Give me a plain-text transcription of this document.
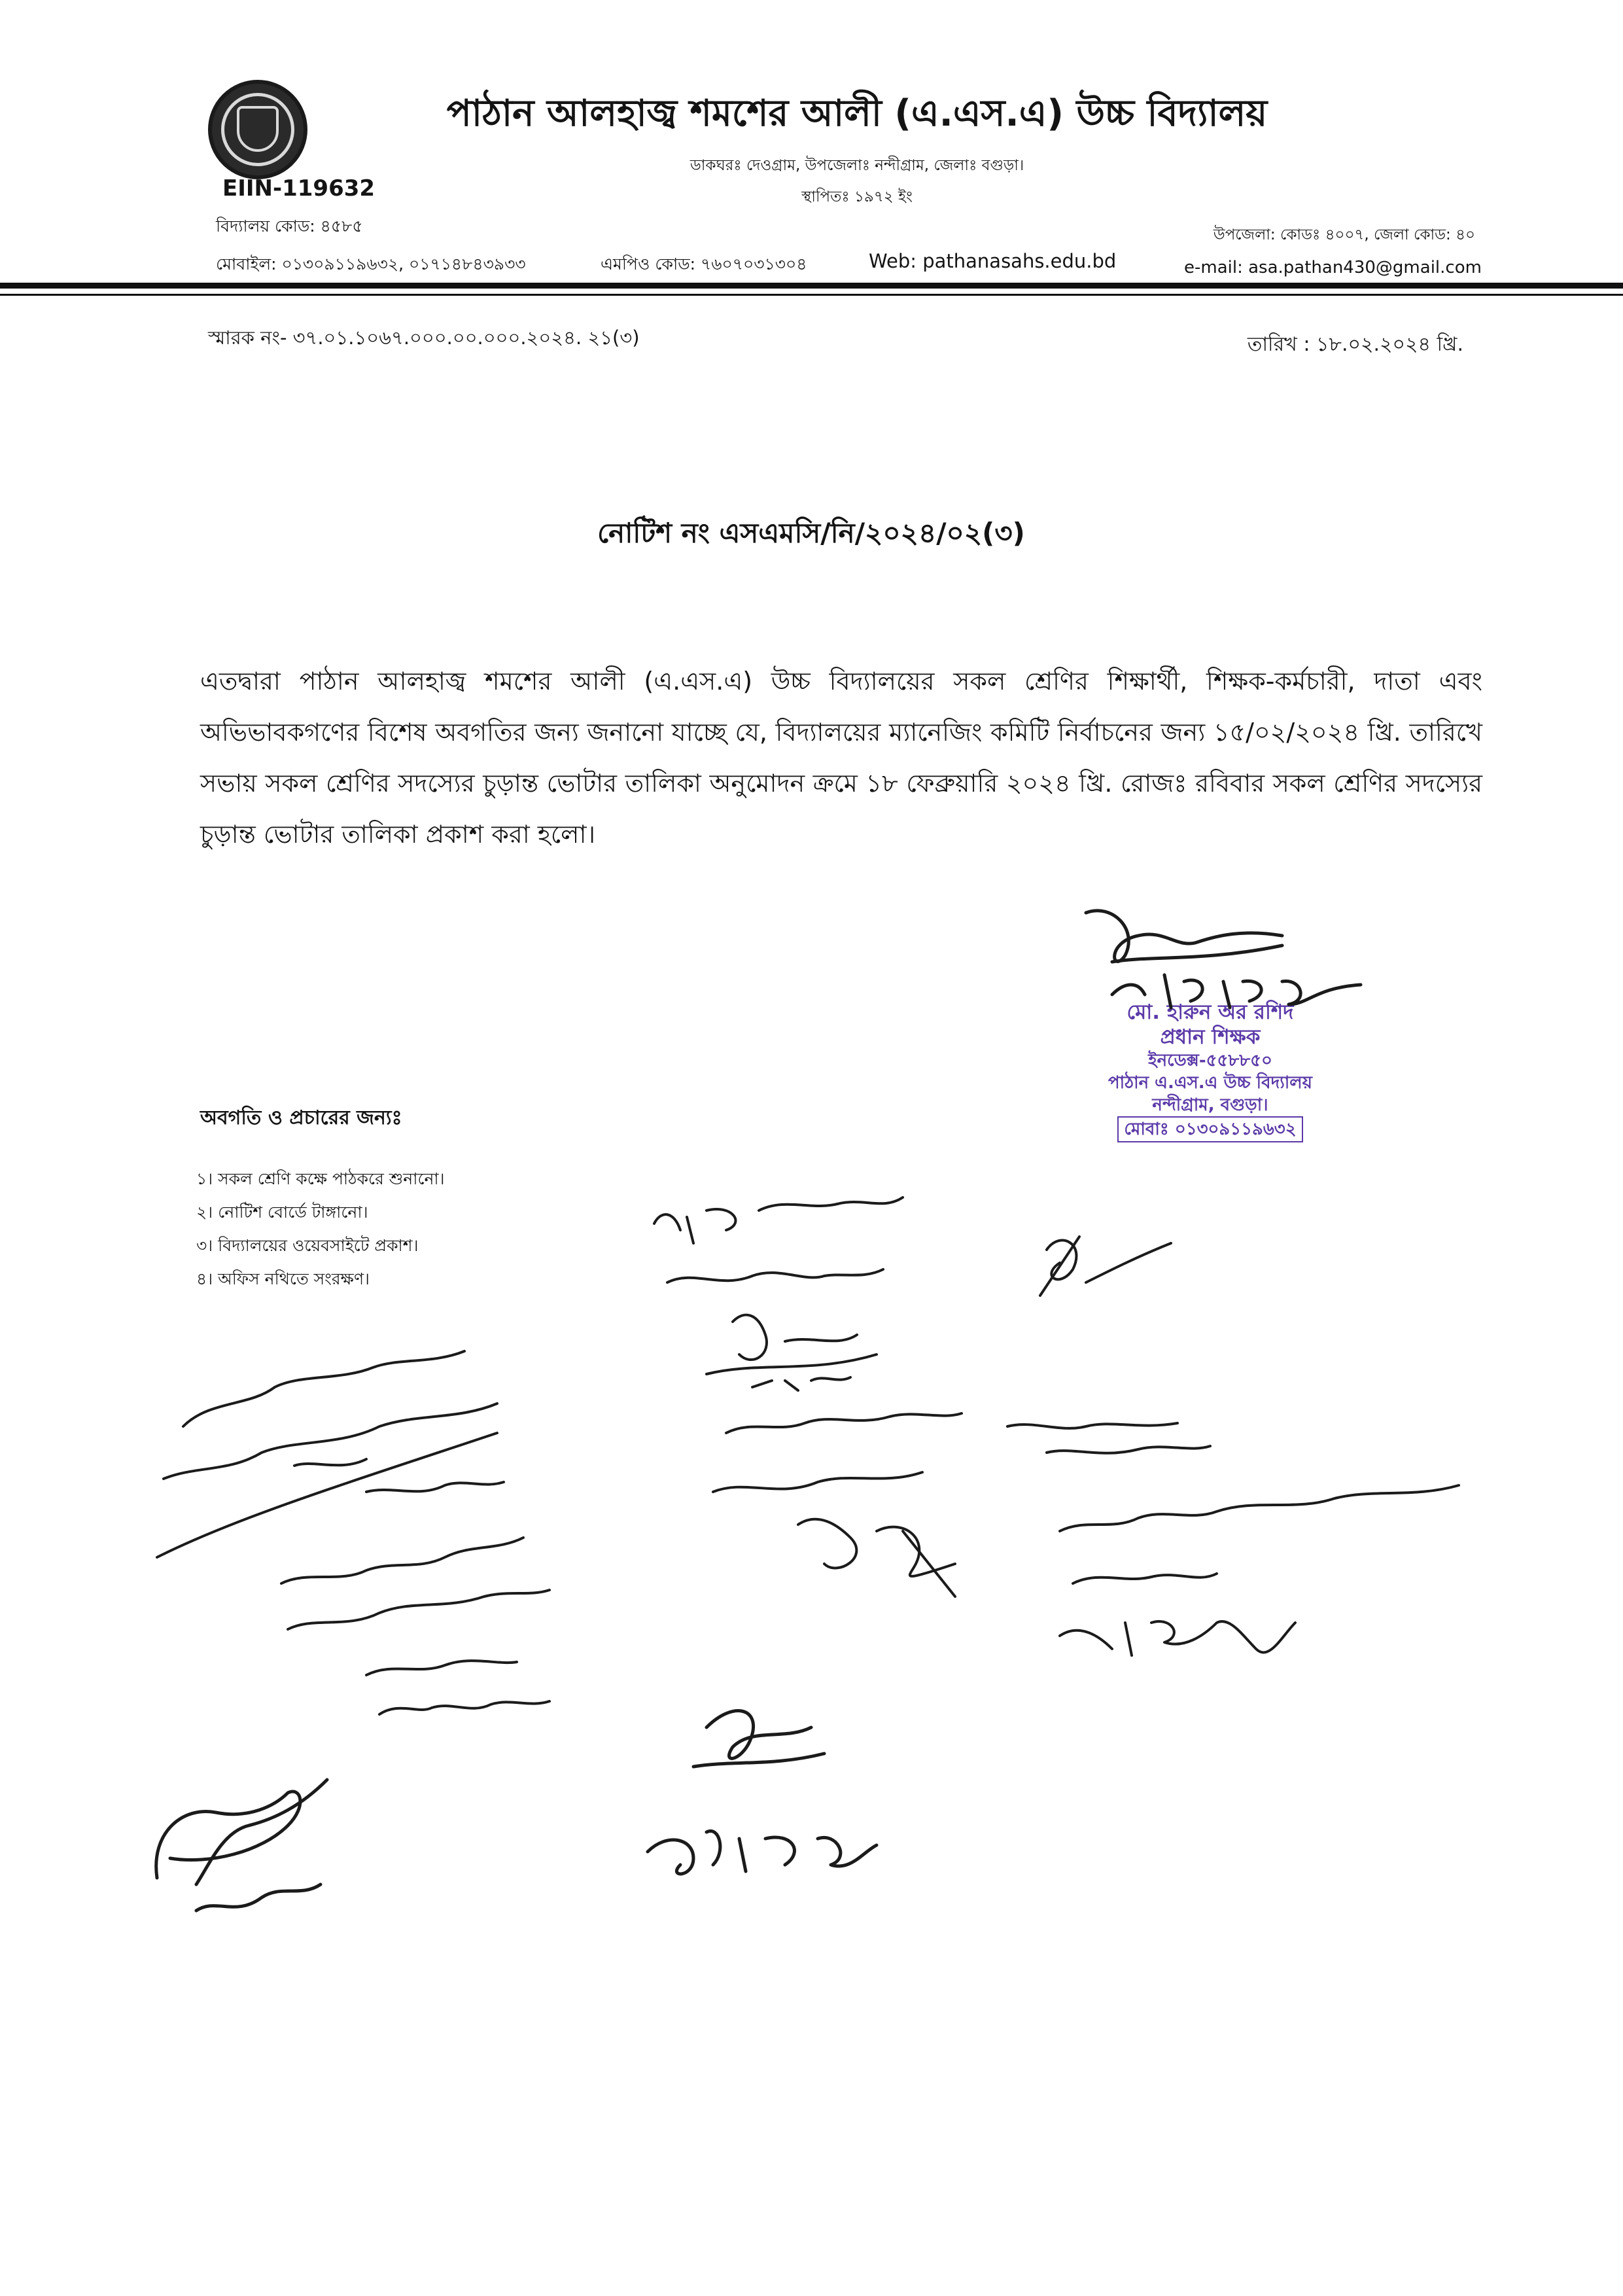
পাঠান আলহাজ্ব শমশের আলী (এ.এস.এ) উচ্চ বিদ্যালয়
ডাকঘরঃ দেওগ্রাম, উপজেলাঃ নন্দীগ্রাম, জেলাঃ বগুড়া।
স্থাপিতঃ ১৯৭২ ইং
EIIN-119632
বিদ্যালয় কোড: ৪৫৮৫	উপজেলা: কোডঃ ৪০০৭, জেলা কোড: ৪০
মোবাইল: ০১৩০৯১১৯৬৩২, ০১৭১৪৮৪৩৯৩৩	এমপিও কোড: ৭৬০৭০৩১৩০৪	Web: pathanasahs.edu.bd	e-mail: asa.pathan430@gmail.com
স্মারক নং- ৩৭.০১.১০৬৭.০০০.০০.০০০.২০২৪. ২১(৩)	তারিখ : ১৮.০২.২০২৪ খ্রি.
নোটিশ নং এসএমসি/নি/২০২৪/০২(৩)
এতদ্বারা পাঠান আলহাজ্ব শমশের আলী (এ.এস.এ) উচ্চ বিদ্যালয়ের সকল শ্রেণির শিক্ষার্থী, শিক্ষক-কর্মচারী, দাতা এবং অভিভাবকগণের বিশেষ অবগতির জন্য জনানো যাচ্ছে যে, বিদ্যালয়ের ম্যানেজিং কমিটি নির্বাচনের জন্য ১৫/০২/২০২৪ খ্রি. তারিখে সভায় সকল শ্রেণির সদস্যের চুড়ান্ত ভোটার তালিকা অনুমোদন ক্রমে ১৮ ফেব্রুয়ারি ২০২৪ খ্রি. রোজঃ রবিবার সকল শ্রেণির সদস্যের চুড়ান্ত ভোটার তালিকা প্রকাশ করা হলো।
মো. হারুন অর রশিদ
প্রধান শিক্ষক
ইনডেক্স-৫৫৮৮৫০
পাঠান এ.এস.এ উচ্চ বিদ্যালয়
নন্দীগ্রাম, বগুড়া।
মোবাঃ ০১৩০৯১১৯৬৩২
অবগতি ও প্রচারের জন্যঃ
১। সকল শ্রেণি কক্ষে পাঠকরে শুনানো।
২। নোটিশ বোর্ডে টাঙ্গানো।
৩। বিদ্যালয়ের ওয়েবসাইটে প্রকাশ।
৪। অফিস নথিতে সংরক্ষণ।
